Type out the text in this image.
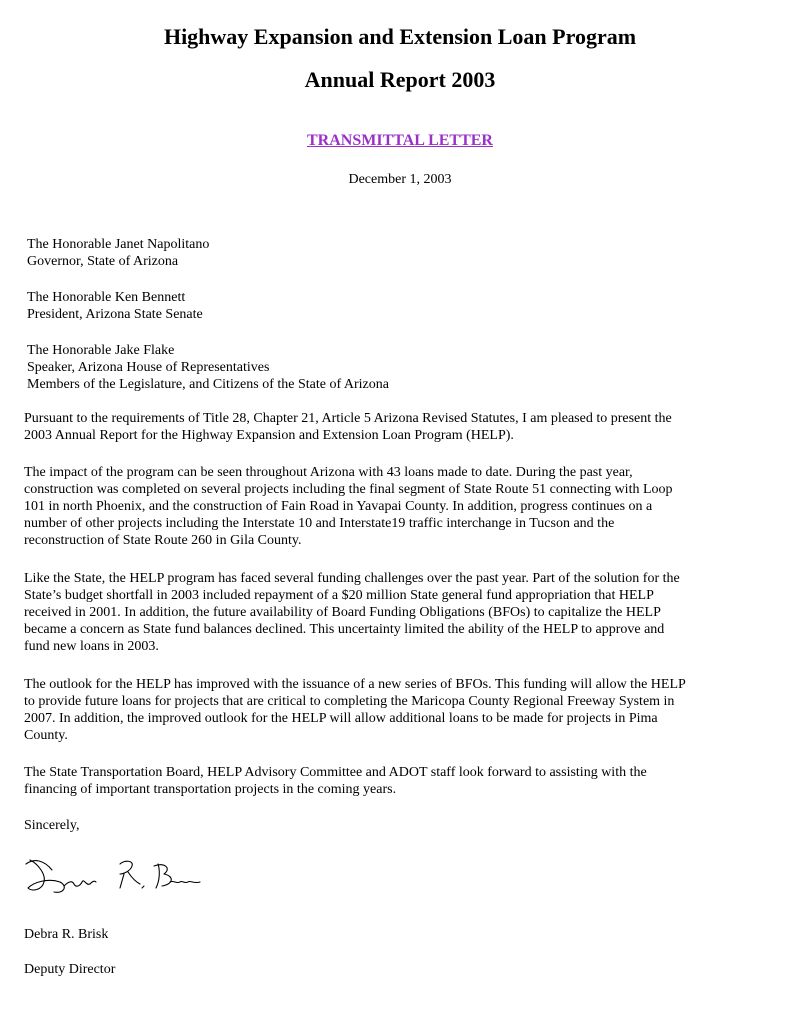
Highway Expansion and Extension Loan Program
Annual Report 2003
TRANSMITTAL LETTER
December 1, 2003
The Honorable Janet Napolitano
Governor, State of Arizona
The Honorable Ken Bennett
President, Arizona State Senate
The Honorable Jake Flake
Speaker, Arizona House of Representatives
Members of the Legislature, and Citizens of the State of Arizona
Pursuant to the requirements of Title 28, Chapter 21, Article 5 Arizona Revised Statutes, I am pleased to present the
2003 Annual Report for the Highway Expansion and Extension Loan Program (HELP).
The impact of the program can be seen throughout Arizona with 43 loans made to date. During the past year,
construction was completed on several projects including the final segment of State Route 51 connecting with Loop
101 in north Phoenix, and the construction of Fain Road in Yavapai County. In addition, progress continues on a
number of other projects including the Interstate 10 and Interstate19 traffic interchange in Tucson and the
reconstruction of State Route 260 in Gila County.
Like the State, the HELP program has faced several funding challenges over the past year. Part of the solution for the
State’s budget shortfall in 2003 included repayment of a $20 million State general fund appropriation that HELP
received in 2001. In addition, the future availability of Board Funding Obligations (BFOs) to capitalize the HELP
became a concern as State fund balances declined. This uncertainty limited the ability of the HELP to approve and
fund new loans in 2003.
The outlook for the HELP has improved with the issuance of a new series of BFOs. This funding will allow the HELP
to provide future loans for projects that are critical to completing the Maricopa County Regional Freeway System in
2007. In addition, the improved outlook for the HELP will allow additional loans to be made for projects in Pima
County.
The State Transportation Board, HELP Advisory Committee and ADOT staff look forward to assisting with the
financing of important transportation projects in the coming years.
Sincerely,
Debra R. Brisk
Deputy Director
